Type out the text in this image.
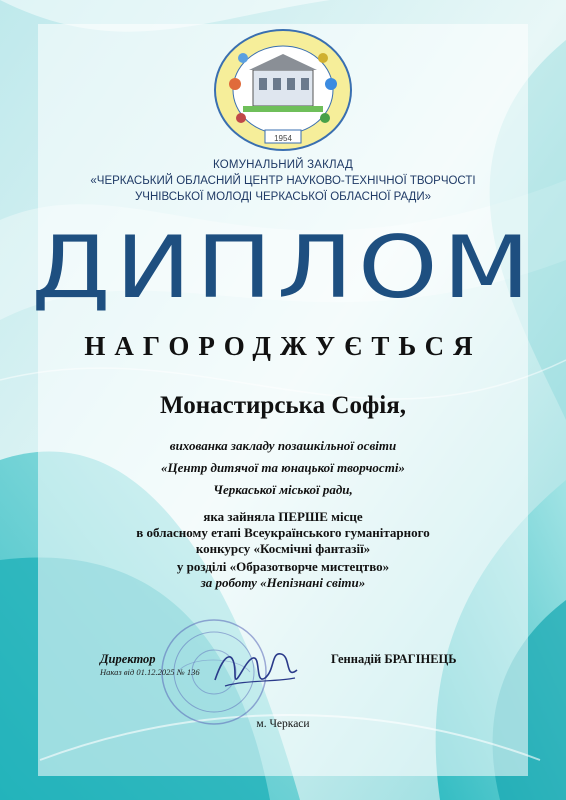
1954
КОМУНАЛЬНИЙ ЗАКЛАД
«ЧЕРКАСЬКИЙ ОБЛАСНИЙ ЦЕНТР НАУКОВО-ТЕХНІЧНОЇ ТВОРЧОСТІ
УЧНІВСЬКОЇ МОЛОДІ ЧЕРКАСЬКОЇ ОБЛАСНОЇ РАДИ»
ДИПЛОМ
НАГОРОДЖУЄТЬСЯ
Монастирська Софія,
вихованка закладу позашкільної освіти
«Центр дитячої та юнацької творчості»
Черкаської міської ради,
яка зайняла ПЕРШЕ місце
в обласному етапі Всеукраїнського гуманітарного
конкурсу «Космічні фантазії»
у розділі «Образотворче мистецтво»
за роботу «Непізнані світи»
Директор
Наказ від 01.12.2025 № 136
Геннадій БРАГІНЕЦЬ
м. Черкаси
